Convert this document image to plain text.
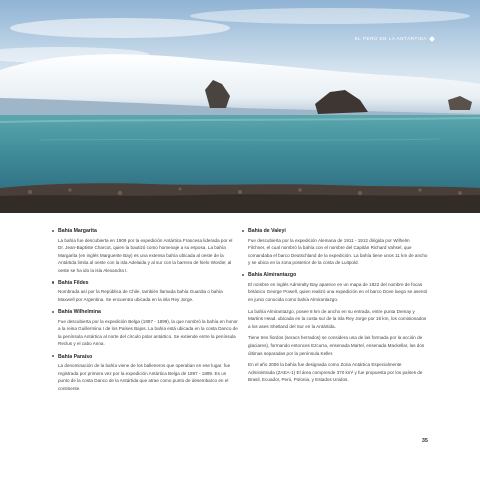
EL PERÚ EN LA ANTÁRTIDA
Bahía Margarita

La bahía fue descubierta en 1909 por la expedición Antártica Francesa liderada por el Dr. Jean-Baptiste Charcot, quien la bautizó como homenaje a su esposa. La bahía Margarita (en inglés Marguerite Bay) es una extensa bahía ubicada al oeste de la Antártida limita al oeste con la isla Adelaida y al sur con la barrera de hielo Wordie; al oeste se ha ido la isla Alexandra I.

Bahía Fildes

Nombrada así por la República de Chile, también llamada bahía Guardia o bahía Maxwell por Argentina. Se encuentra ubicada en la isla Rey Jorge.

Bahía Wilhelmina

Fue descubierta por la expedición Belga (1897 - 1899), la que nombró la bahía en honor a la reina Guillermina I de los Países Bajos. La bahía está ubicada en la costa Danco de la península Antártica al norte del círculo polar antártico. Se extiende entre la península Reclus y el cabo Anna.

Bahía Paraíso

La denominación de la bahía viene de los balleneros que operaban en ese lugar. fue registrada por primera vez por la expedición Antártica Belga de 1897 - 1899. Es un punto de la costa Danco de la Antártida que atrae como punto de desembarco en el continente.

Bahía de Valeyi

Fue descubierta por la expedición Alemana de 1911 - 1912 dirigida por Wilhelm Filchner, el cual nombró la bahía con el nombre del Capitán Richard Vahsel, que comandaba el barco Deutschland de la expedición. La bahía tiene unos 11 km de ancho y se ubica en la zona posterior de la costa de Luitpold.

Bahía Almirantazgo

El nombre en inglés Admiralty Bay aparece en un mapa de 1822 del nombre de focas británico George Powell, quien realizó una expedición en el barco Dove luego se asentó en junio conocida como bahía Almirantazgo.

La bahía Almirantazgo, posee 8 km de ancho en su entrada, entre punta Demay y Martins Head. ubicada en la costa sur de la isla Rey Jorge por 16 km, los comisionados a los ases Shetland del Sur en la Antártida.

Tiene tres fiordos (seracs herrados) se considera una de las formada por la acción de glaciares), formando entonces Ezcurra, ensenada Martel, ensenada Mackellar, las dos últimas separadas por la península Keller.

En el año 2006 la bahía fue designada como Zona Antártica Especialmente Administrada (ZAEA-1) El área comprende 370 km² y fue propuesta por los países de Brasil, Ecuador, Perú, Polonia, y Estados Unidos.

35
